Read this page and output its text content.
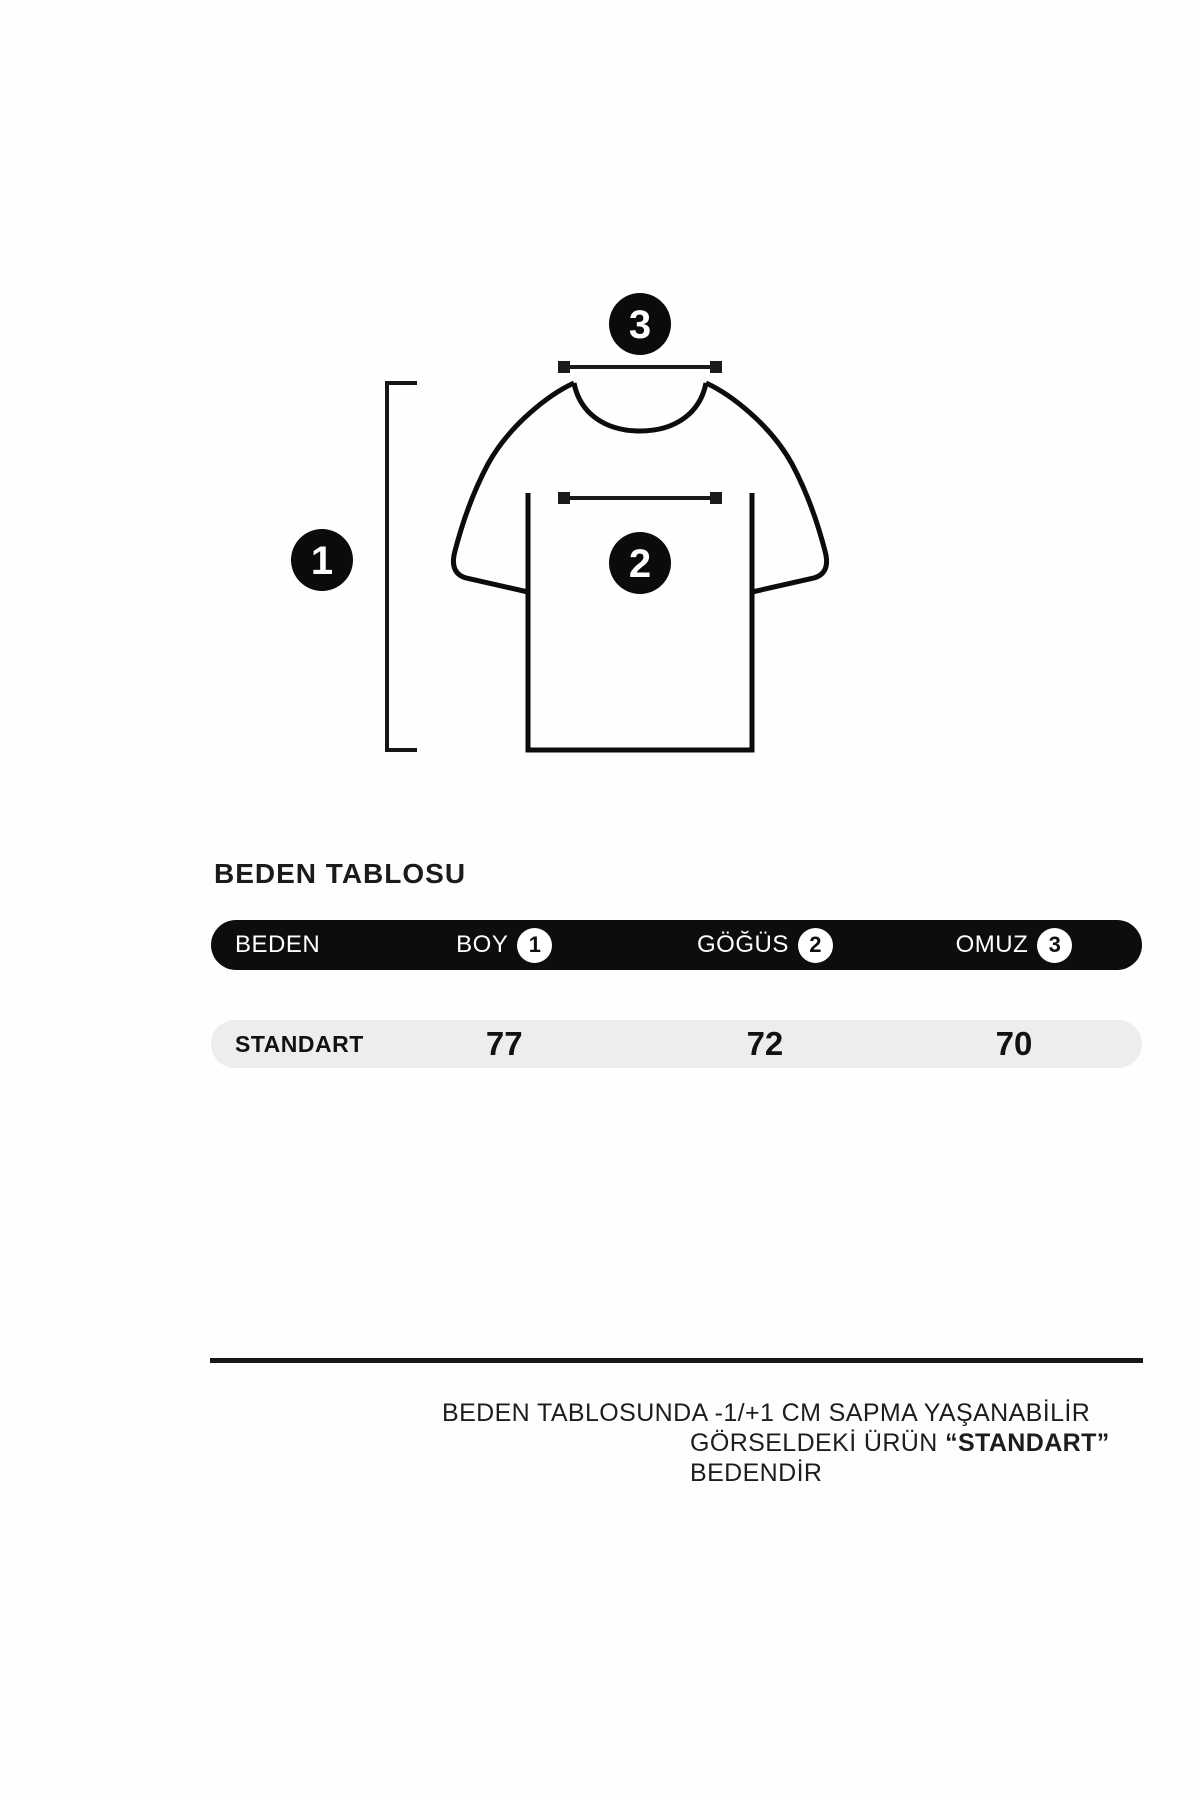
1	2
3
BEDEN TABLOSU
BEDEN	BOY 1	GÖĞÜS 2	OMUZ 3
STANDART	77	72	70
BEDEN TABLOSUNDA -1/+1 CM SAPMA YAŞANABİLİR
GÖRSELDEKİ ÜRÜN “STANDART”
BEDENDİR
